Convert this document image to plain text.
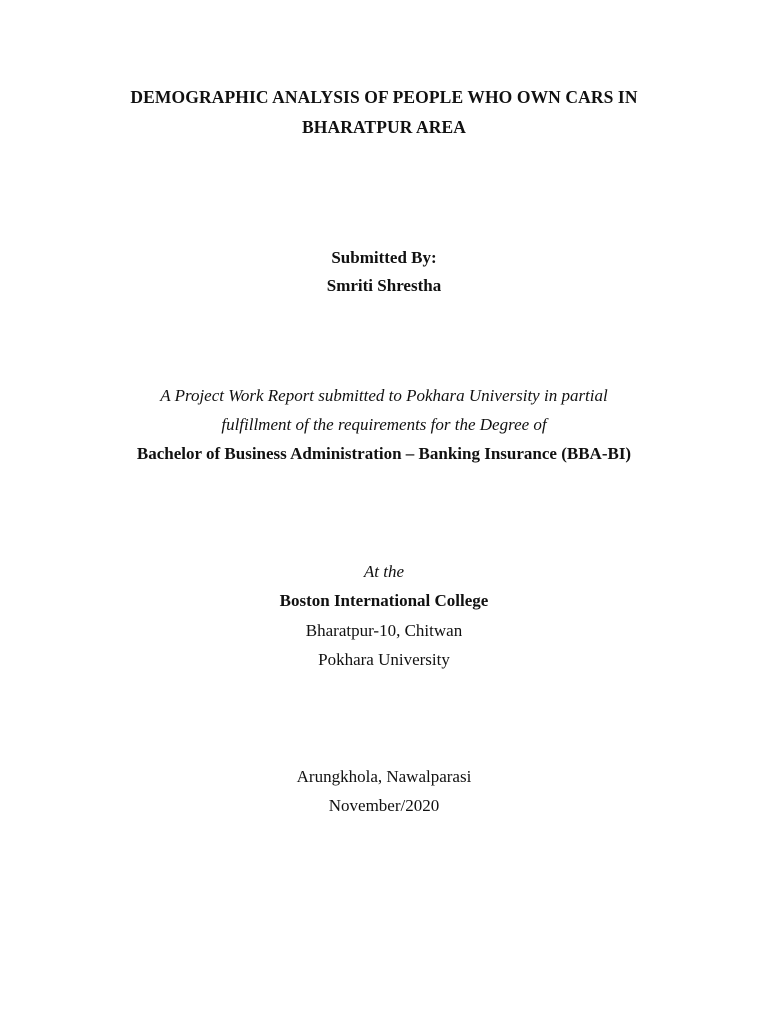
DEMOGRAPHIC ANALYSIS OF PEOPLE WHO OWN CARS IN
BHARATPUR AREA
Submitted By:
Smriti Shrestha
A Project Work Report submitted to Pokhara University in partial
fulfillment of the requirements for the Degree of
Bachelor of Business Administration – Banking Insurance (BBA-BI)
At the
Boston International College
Bharatpur-10, Chitwan
Pokhara University
Arungkhola, Nawalparasi
November/2020
